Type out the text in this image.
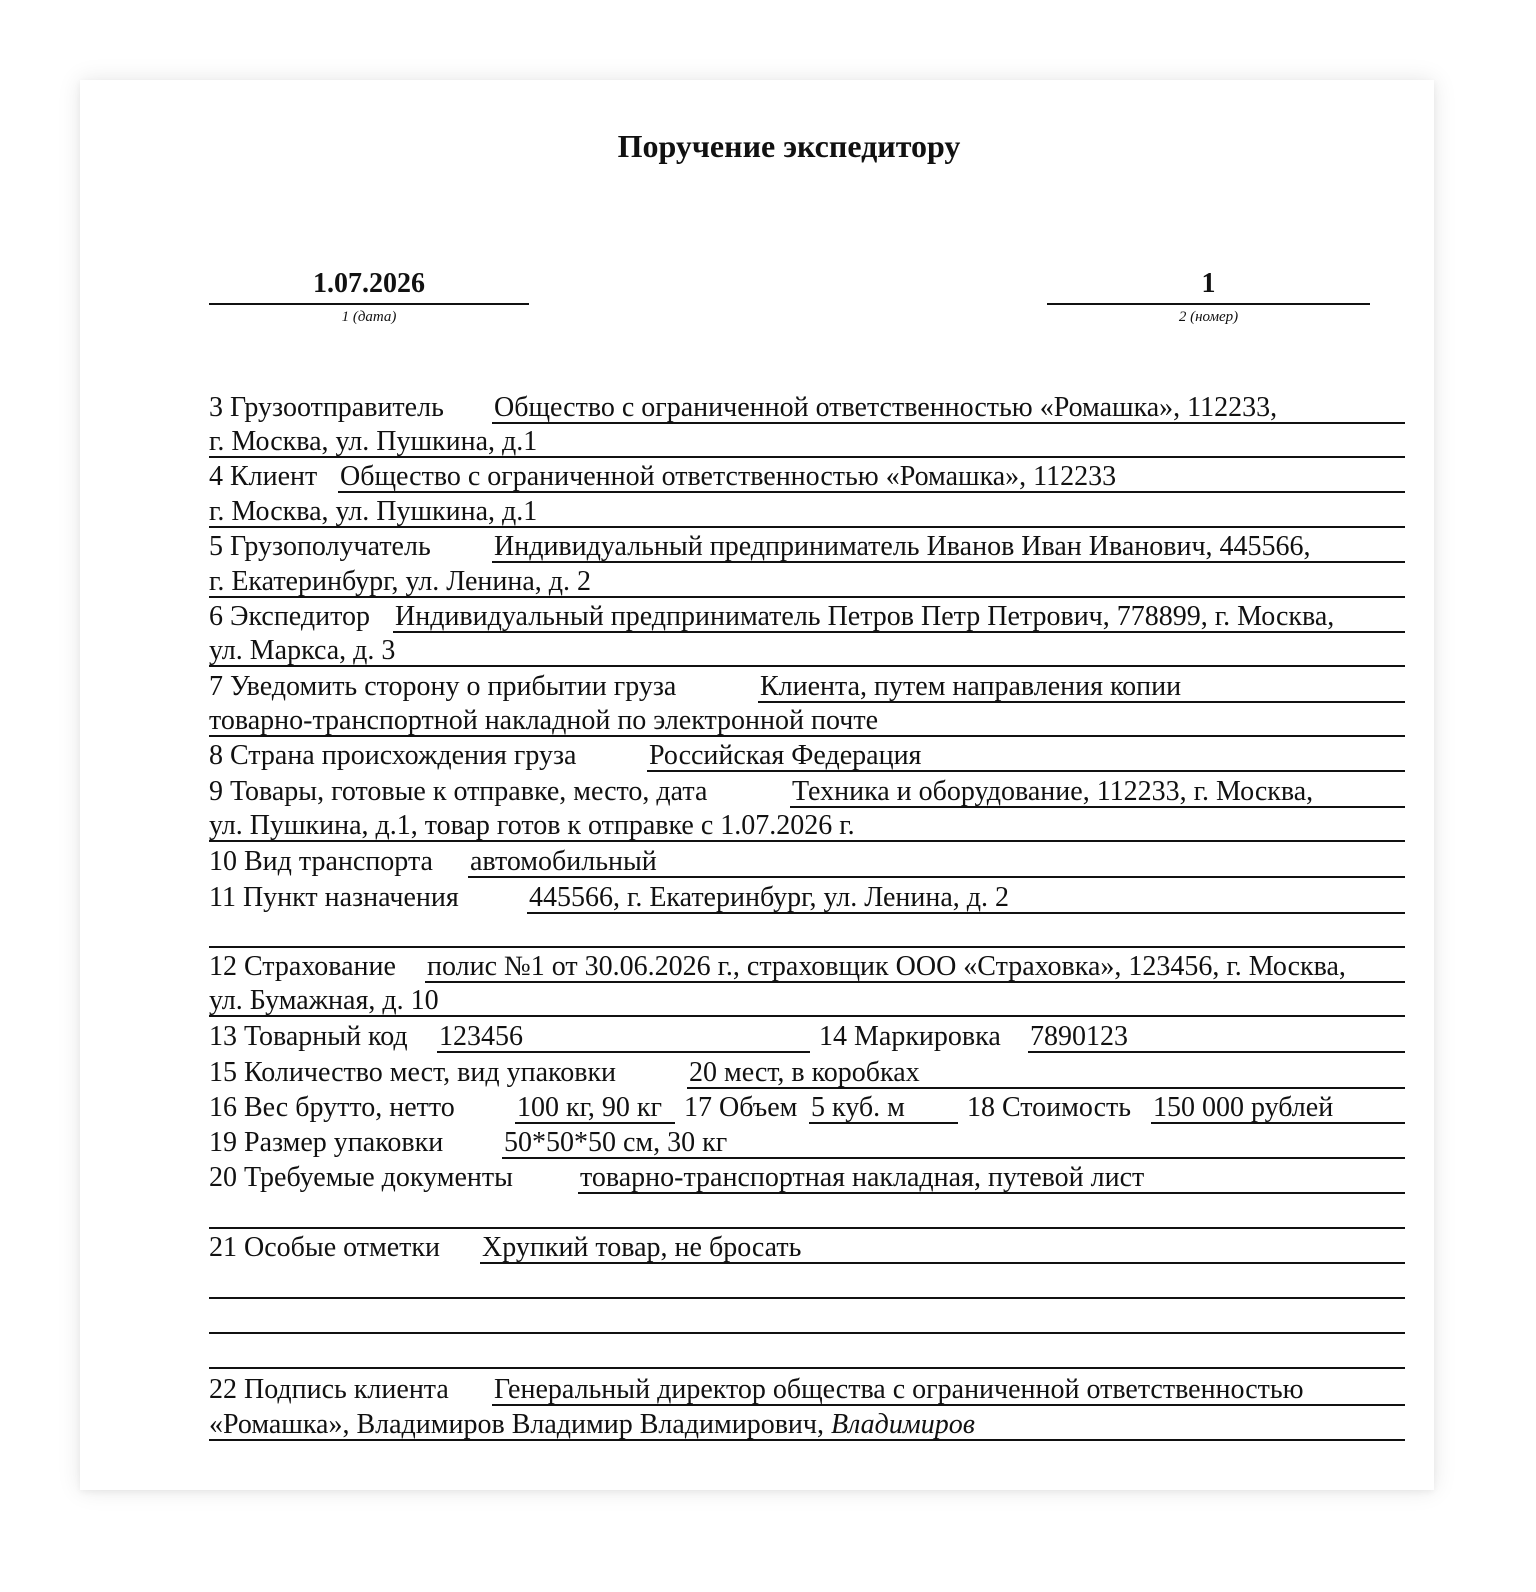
Поручение экспедитору
1.07.2026
1 (дата)
1
2 (номер)
3 Грузоотправитель Общество с ограниченной ответственностью «Ромашка», 112233,
г. Москва, ул. Пушкина, д.1
4 Клиент Общество с ограниченной ответственностью «Ромашка», 112233
г. Москва, ул. Пушкина, д.1
5 Грузополучатель Индивидуальный предприниматель Иванов Иван Иванович, 445566,
г. Екатеринбург, ул. Ленина, д. 2
6 Экспедитор Индивидуальный предприниматель Петров Петр Петрович, 778899, г. Москва,
ул. Маркса, д. 3
7 Уведомить сторону о прибытии груза	Клиента, путем направления копии
товарно-транспортной накладной по электронной почте
8 Страна происхождения груза	Российская Федерация
9 Товары, готовые к отправке, место, дата	Техника и оборудование, 112233, г. Москва,
ул. Пушкина, д.1, товар готов к отправке с 1.07.2026 г.
10 Вид транспорта автомобильный
11 Пункт назначения	445566, г. Екатеринбург, ул. Ленина, д. 2
12 Страхование полис №1 от 30.06.2026 г., страховщик ООО «Страховка», 123456, г. Москва,
ул. Бумажная, д. 10
13 Товарный код 123456	14 Маркировка 7890123
15 Количество мест, вид упаковки	20 мест, в коробках
16 Вес брутто, нетто 100 кг, 90 кг 17 Объем 5 куб. м 18 Стоимость 150 000 рублей
19 Размер упаковки 50*50*50 см, 30 кг
20 Требуемые документы товарно-транспортная накладная, путевой лист
21 Особые отметки Хрупкий товар, не бросать
22 Подпись клиента Генеральный директор общества с ограниченной ответственностью
«Ромашка», Владимиров Владимир Владимирович, Владимиров
